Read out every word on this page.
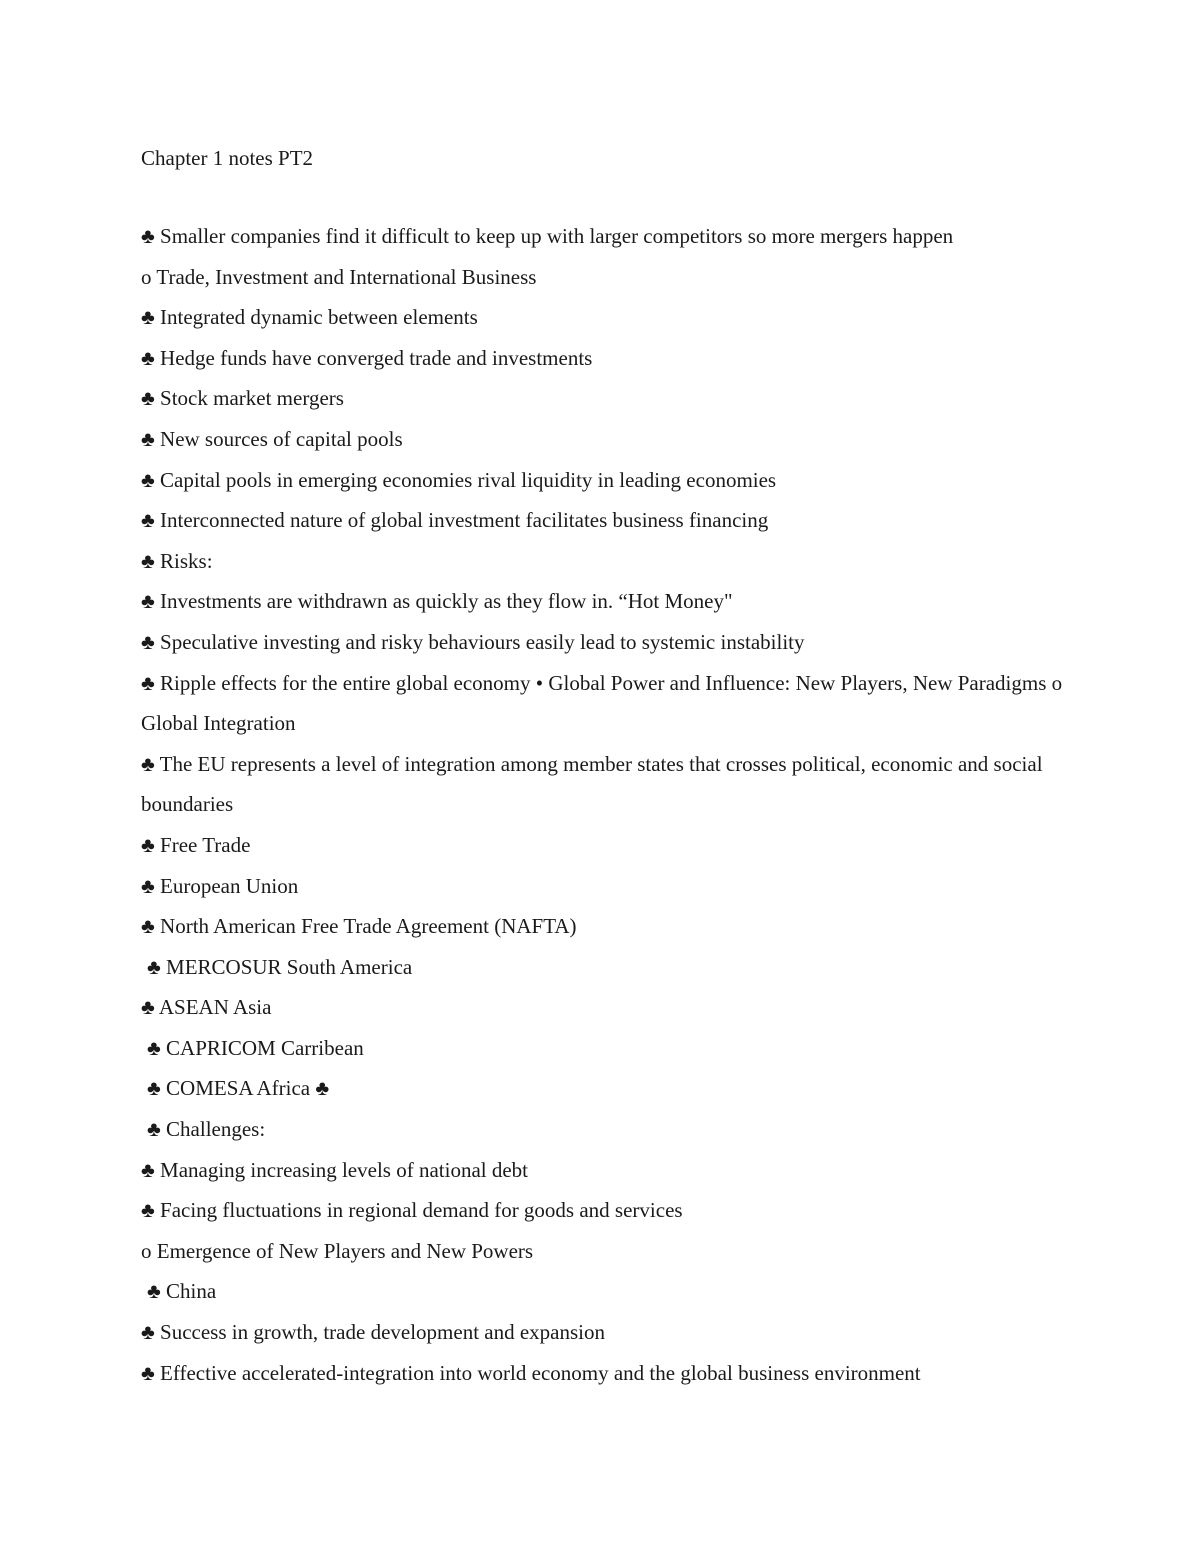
Chapter 1 notes PT2

♣ Smaller companies find it difficult to keep up with larger competitors so more mergers happen

o Trade, Investment and International Business

♣ Integrated dynamic between elements

♣ Hedge funds have converged trade and investments

♣ Stock market mergers

♣ New sources of capital pools

♣ Capital pools in emerging economies rival liquidity in leading economies

♣ Interconnected nature of global investment facilitates business financing

♣ Risks:

♣ Investments are withdrawn as quickly as they flow in. “Hot Money"

♣ Speculative investing and risky behaviours easily lead to systemic instability

♣ Ripple effects for the entire global economy • Global Power and Influence: New Players, New Paradigms o Global Integration

♣ The EU represents a level of integration among member states that crosses political, economic and social boundaries

♣ Free Trade

♣ European Union

♣ North American Free Trade Agreement (NAFTA)

♣ MERCOSUR South America

♣ ASEAN Asia

♣ CAPRICOM Carribean

♣ COMESA Africa ♣

♣ Challenges:

♣ Managing increasing levels of national debt

♣ Facing fluctuations in regional demand for goods and services

o Emergence of New Players and New Powers

♣ China

♣ Success in growth, trade development and expansion

♣ Effective accelerated-integration into world economy and the global business environment
